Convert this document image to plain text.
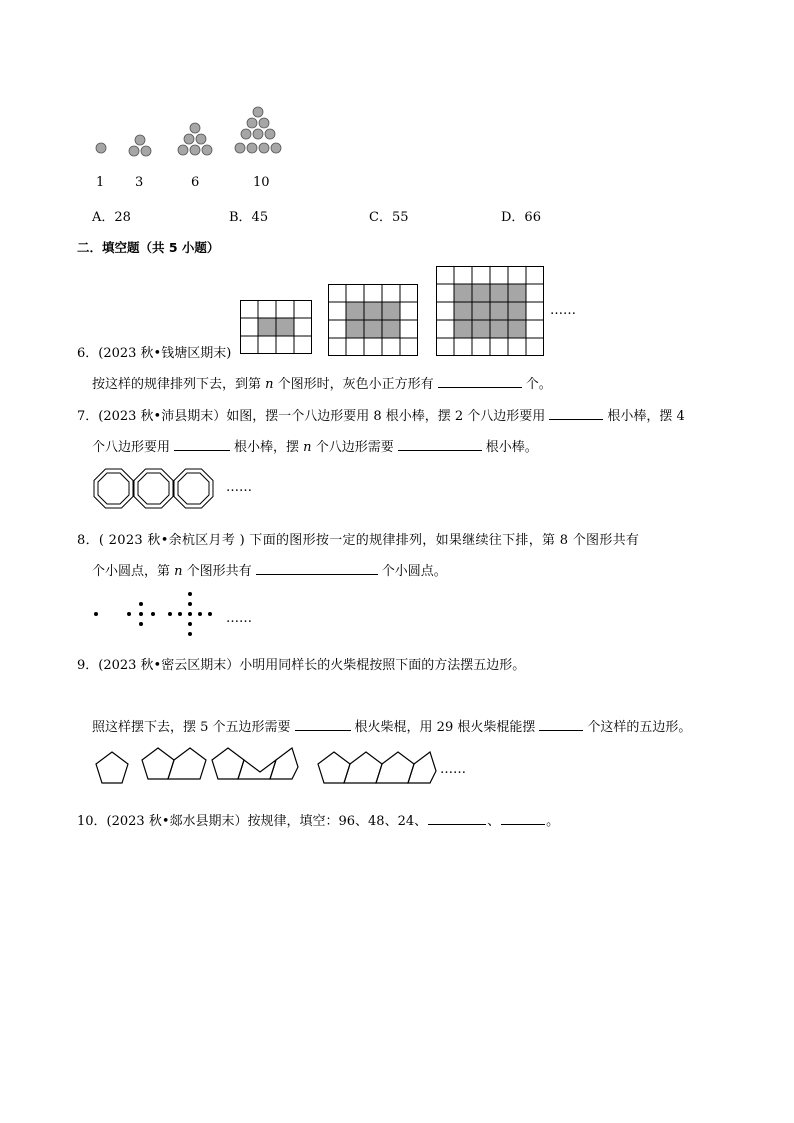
1 3	6	10
A．28	B．45	C．55	D．66
二．填空题（共 5 小题）
……
6．(2023 秋•钱塘区期末)
按这样的规律排列下去，到第 n 个图形时，灰色小正方形有	个。
7．(2023 秋•沛县期末）如图，摆一个八边形要用 8 根小棒，摆 2 个八边形要用	根小棒，摆 4
个八边形要用	根小棒，摆 n 个八边形需要	根小棒。
……
8．( 2023 秋•余杭区月考 ) 下面的图形按一定的规律排列，如果继续往下排，第 8 个图形共有
个小圆点，第 n 个图形共有	个小圆点。
……
9．(2023 秋•密云区期末）小明用同样长的火柴棍按照下面的方法摆五边形。
照这样摆下去，摆 5 个五边形需要	根火柴棍，用 29 根火柴棍能摆	个这样的五边形。
……
10．(2023 秋•郯水县期末）按规律，填空：96、48、24、	、	。
